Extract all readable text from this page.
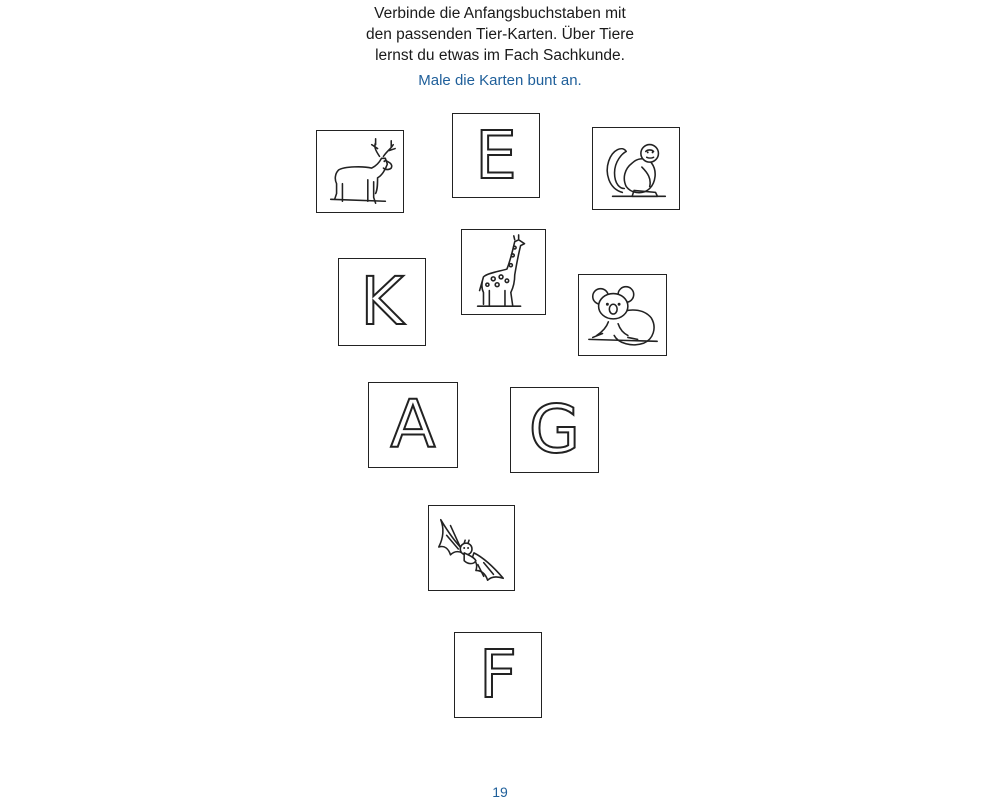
Verbinde die Anfangsbuchstaben mit
den passenden Tier-Karten. Über Tiere
lernst du etwas im Fach Sachkunde.
Male die Karten bunt an.
E
K
A	G
F
19
